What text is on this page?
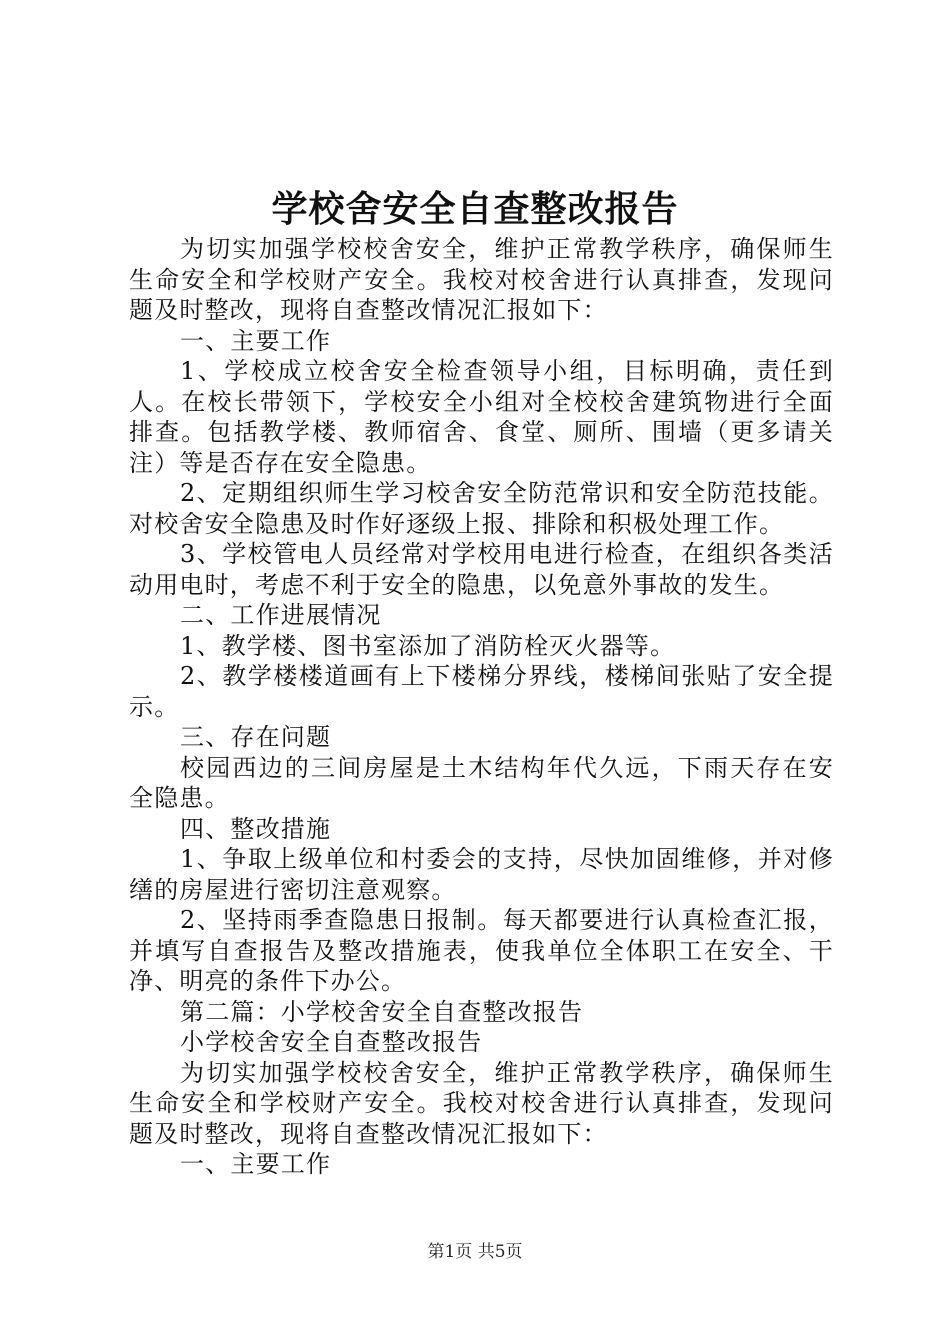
学校舍安全自查整改报告

为切实加强学校校舍安全，维护正常教学秩序，确保师生生命安全和学校财产安全。我校对校舍进行认真排查，发现问题及时整改，现将自查整改情况汇报如下：

一、主要工作

1、学校成立校舍安全检查领导小组，目标明确，责任到人。在校长带领下，学校安全小组对全校校舍建筑物进行全面排查。包括教学楼、教师宿舍、食堂、厕所、围墙（更多请关注）等是否存在安全隐患。

2、定期组织师生学习校舍安全防范常识和安全防范技能。对校舍安全隐患及时作好逐级上报、排除和积极处理工作。

3、学校管电人员经常对学校用电进行检查，在组织各类活动用电时，考虑不利于安全的隐患，以免意外事故的发生。

二、工作进展情况

1、教学楼、图书室添加了消防栓灭火器等。

2、教学楼楼道画有上下楼梯分界线，楼梯间张贴了安全提示。

三、存在问题

校园西边的三间房屋是土木结构年代久远，下雨天存在安全隐患。

四、整改措施

1、争取上级单位和村委会的支持，尽快加固维修，并对修缮的房屋进行密切注意观察。

2、坚持雨季查隐患日报制。每天都要进行认真检查汇报，并填写自查报告及整改措施表，使我单位全体职工在安全、干净、明亮的条件下办公。

第二篇：小学校舍安全自查整改报告

小学校舍安全自查整改报告

为切实加强学校校舍安全，维护正常教学秩序，确保师生生命安全和学校财产安全。我校对校舍进行认真排查，发现问题及时整改，现将自查整改情况汇报如下：

一、主要工作

第1页 共5页
